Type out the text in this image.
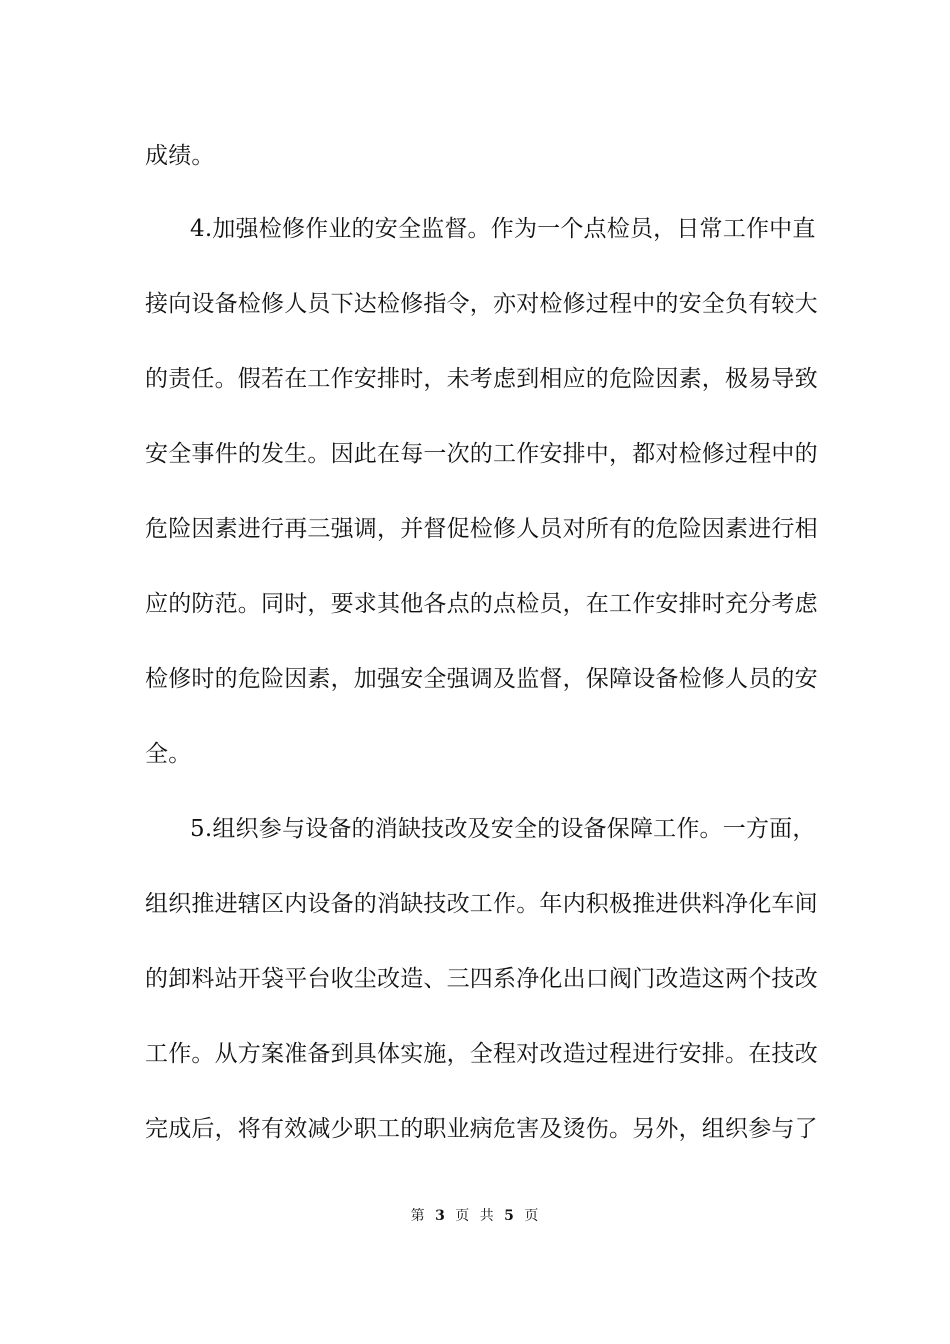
成绩。
4.加强检修作业的安全监督。作为一个点检员，日常工作中直
接向设备检修人员下达检修指令，亦对检修过程中的安全负有较大
的责任。假若在工作安排时，未考虑到相应的危险因素，极易导致
安全事件的发生。因此在每一次的工作安排中，都对检修过程中的
危险因素进行再三强调，并督促检修人员对所有的危险因素进行相
应的防范。同时，要求其他各点的点检员，在工作安排时充分考虑
检修时的危险因素，加强安全强调及监督，保障设备检修人员的安
全。
5.组织参与设备的消缺技改及安全的设备保障工作。一方面，
组织推进辖区内设备的消缺技改工作。年内积极推进供料净化车间
的卸料站开袋平台收尘改造、三四系净化出口阀门改造这两个技改
工作。从方案准备到具体实施，全程对改造过程进行安排。在技改
完成后，将有效减少职工的职业病危害及烫伤。另外，组织参与了
第 3 页 共 5 页
